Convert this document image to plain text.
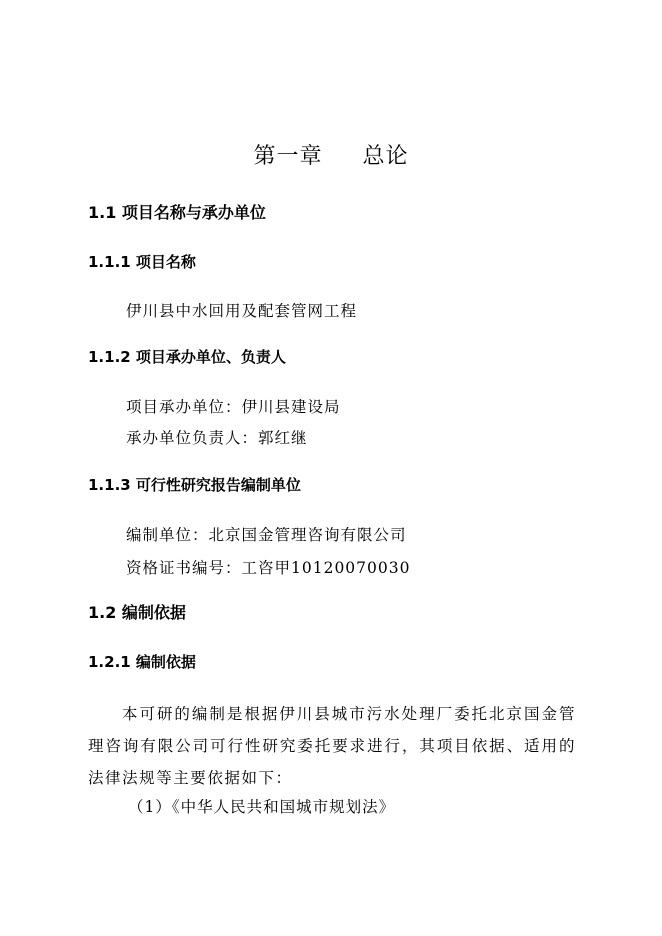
第一章 总论
1.1 项目名称与承办单位
1.1.1 项目名称

伊川县中水回用及配套管网工程

1.1.2 项目承办单位、负责人

项目承办单位：伊川县建设局

承办单位负责人：郭红继

1.1.3 可行性研究报告编制单位

编制单位：北京国金管理咨询有限公司

资格证书编号：工咨甲10120070030

1.2 编制依据
1.2.1 编制依据

本可研的编制是根据伊川县城市污水处理厂委托北京国金管理咨询有限公司可行性研究委托要求进行，其项目依据、适用的法律法规等主要依据如下：

（1）《中华人民共和国城市规划法》
